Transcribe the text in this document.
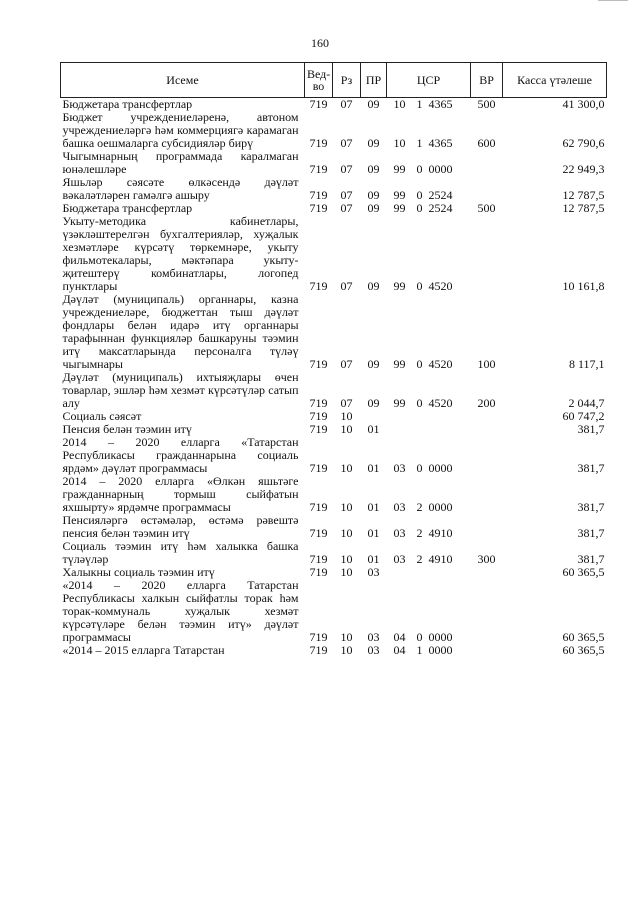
160
Исеме	Вед-во	Рз	ПР	ЦСР			ВР	Касса үтәлеше
Бюджетара трансфертлар	719	07	09	10	1	4365	500	41 300,0
Бюджет учреждениеләренә, автоном учреждениеләргә һәм коммерциягә карамаган башка оешмаларга субсидияләр бирү	719	07	09	10	1	4365	600	62 790,6
Чыгымнарның программада каралмаган юнәлешләре	719	07	09	99	0	0000		22 949,3
Яшьләр сәясәте өлкәсендә дәүләт вәкаләтләрен гамәлгә ашыру	719	07	09	99	0	2524		12 787,5
Бюджетара трансфертлар	719	07	09	99	0	2524	500	12 787,5
Укыту-методика кабинетлары, үзәкләштерелгән бухгалтерияләр, хуҗалык хезмәтләре күрсәтү төркемнәре, укыту фильмотекалары, мәктәпара укыту-җитештерү комбинатлары, логопед пунктлары	719	07	09	99	0	4520		10 161,8
Дәүләт (муниципаль) органнары, казна учреждениеләре, бюджеттан тыш дәүләт фондлары белән идарә итү органнары тарафыннан функцияләр башкаруны тәэмин итү максатларында персоналга түләү чыгымнары	719	07	09	99	0	4520	100	8 117,1
Дәүләт (муниципаль) ихтыяҗлары өчен товарлар, эшләр һәм хезмәт күрсәтүләр сатып алу	719	07	09	99	0	4520	200	2 044,7
Социаль сәясәт	719	10						60 747,2
Пенсия белән тәэмин итү	719	10	01					381,7
2014 – 2020 елларга «Татарстан Республикасы гражданнарына социаль ярдәм» дәүләт программасы	719	10	01	03	0	0000		381,7
2014 – 2020 елларга «Өлкән яшьтәге гражданнарның тормыш сыйфатын яхшырту» ярдәмче программасы	719	10	01	03	2	0000		381,7
Пенсияләргә өстәмәләр, өстәмә рәвештә пенсия белән тәэмин итү	719	10	01	03	2	4910		381,7
Социаль тәэмин итү һәм халыкка башка түләүләр	719	10	01	03	2	4910	300	381,7
Халыкны социаль тәэмин итү	719	10	03					60 365,5
«2014 – 2020 елларга Татарстан Республикасы халкын сыйфатлы торак һәм торак-коммуналь хуҗалык хезмәт күрсәтүләре белән тәэмин итү» дәүләт программасы	719	10	03	04	0	0000		60 365,5
«2014 – 2015 елларга Татарстан	719	10	03	04	1	0000		60 365,5
